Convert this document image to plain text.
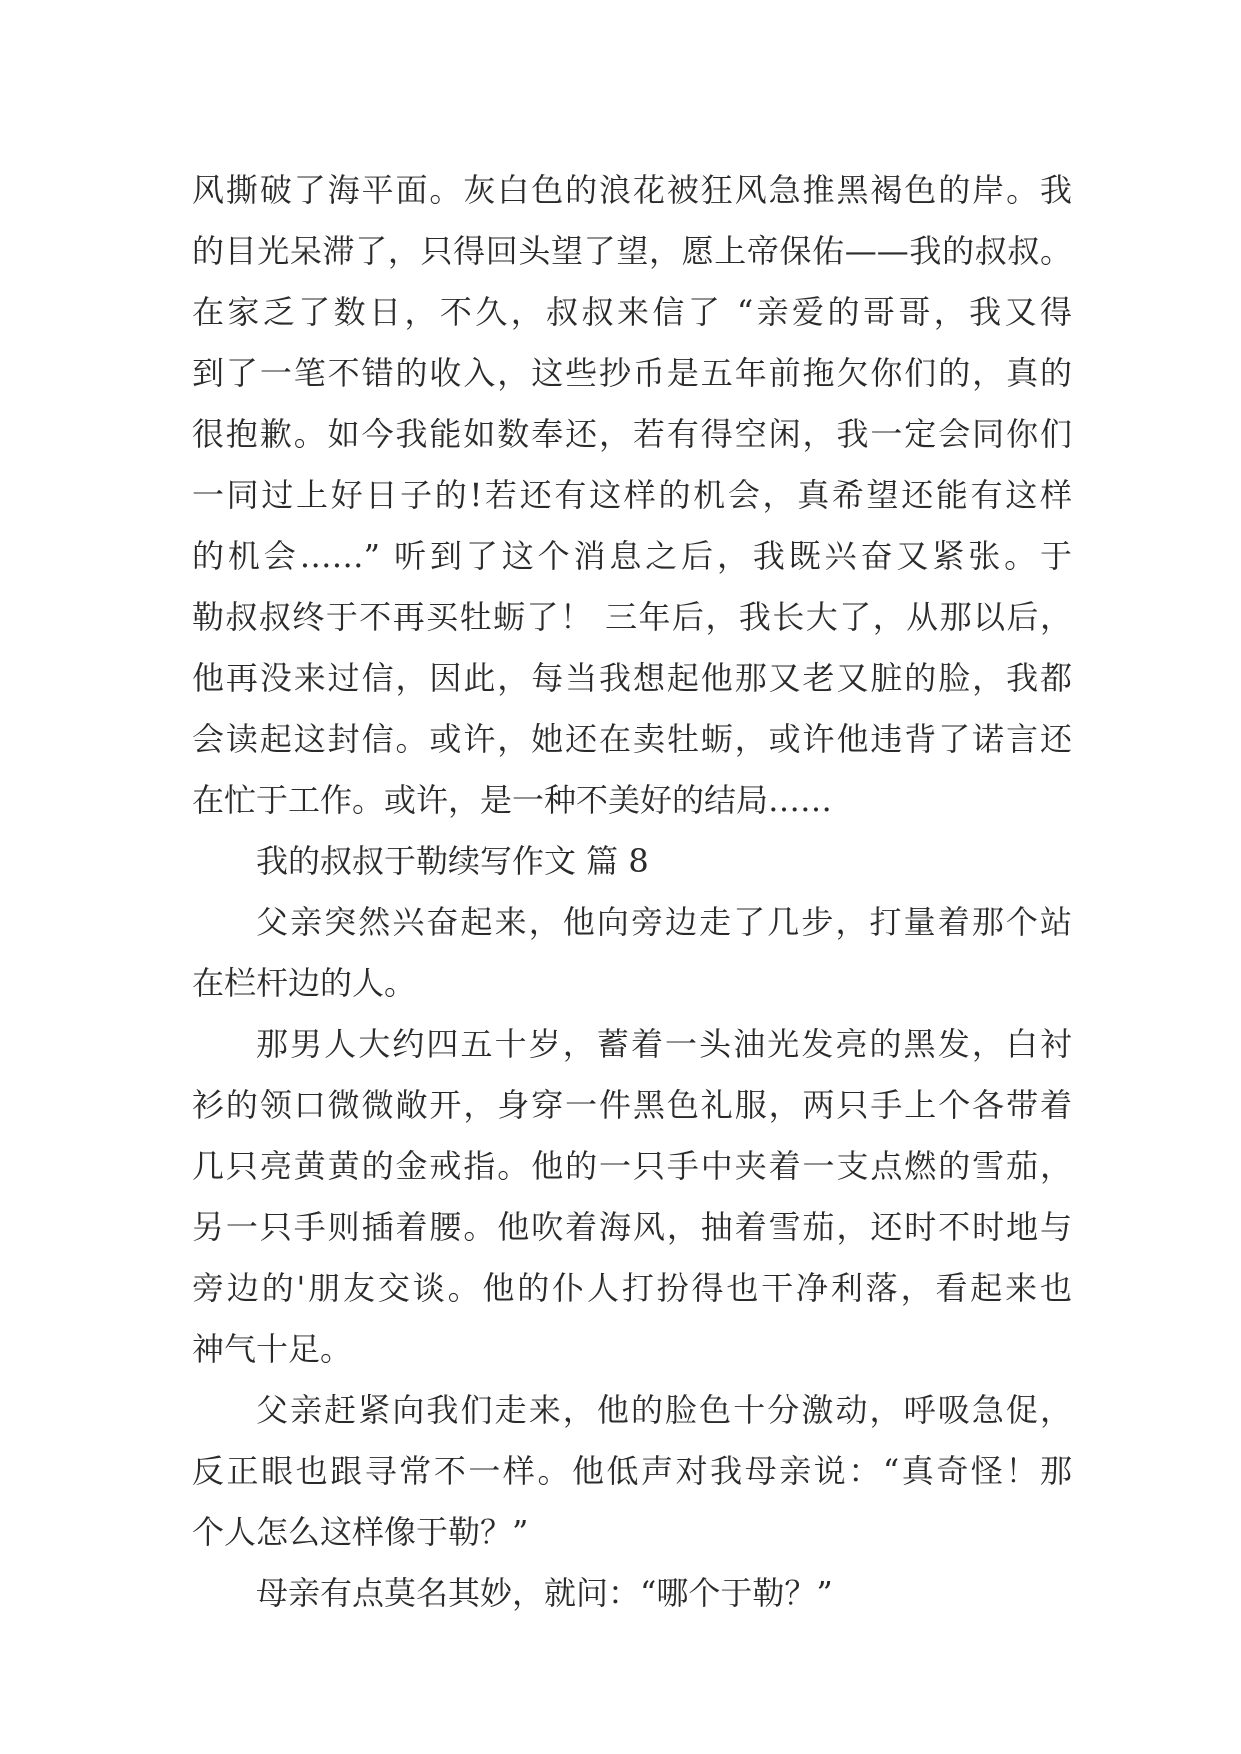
风撕破了海平面。灰白色的浪花被狂风急推黑褐色的岸。我
的目光呆滞了，只得回头望了望，愿上帝保佑——我的叔叔。
在家乏了数日，不久，叔叔来信了 “亲爱的哥哥，我又得
到了一笔不错的收入，这些抄币是五年前拖欠你们的，真的
很抱歉。如今我能如数奉还，若有得空闲，我一定会同你们
一同过上好日子的!若还有这样的机会，真希望还能有这样
的机会……” 听到了这个消息之后，我既兴奋又紧张。于
勒叔叔终于不再买牡蛎了！ 三年后，我长大了，从那以后，
他再没来过信，因此，每当我想起他那又老又脏的脸，我都
会读起这封信。或许，她还在卖牡蛎，或许他违背了诺言还
在忙于工作。或许，是一种不美好的结局……
我的叔叔于勒续写作文 篇 8
父亲突然兴奋起来，他向旁边走了几步，打量着那个站
在栏杆边的人。
那男人大约四五十岁，蓄着一头油光发亮的黑发，白衬
衫的领口微微敞开，身穿一件黑色礼服，两只手上个各带着
几只亮黄黄的金戒指。他的一只手中夹着一支点燃的雪茄，
另一只手则插着腰。他吹着海风，抽着雪茄，还时不时地与
旁边的'朋友交谈。他的仆人打扮得也干净利落，看起来也
神气十足。
父亲赶紧向我们走来，他的脸色十分激动，呼吸急促，
反正眼也跟寻常不一样。他低声对我母亲说：“真奇怪！那
个人怎么这样像于勒？”
母亲有点莫名其妙，就问：“哪个于勒？”
